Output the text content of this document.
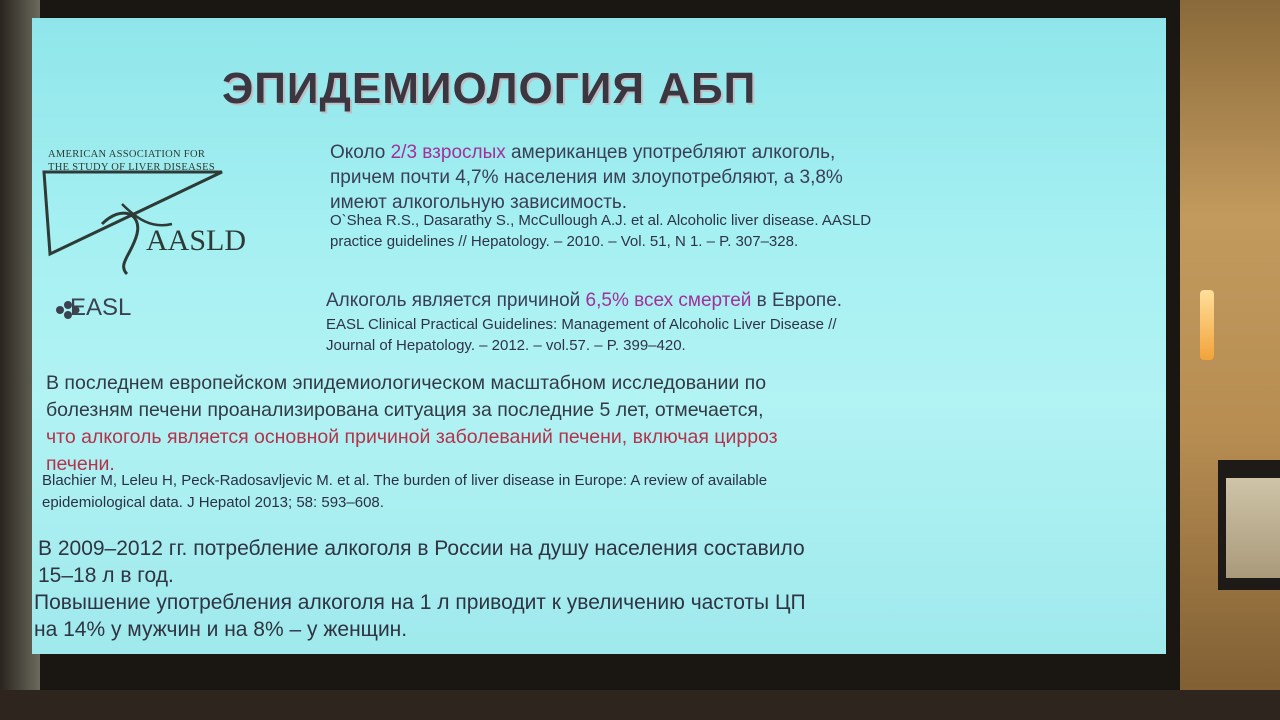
ЭПИДЕМИОЛОГИЯ АБП
AMERICAN ASSOCIATION FOR
THE STUDY OF LIVER DISEASES
AASLD
Около 2/3 взрослых американцев употребляют алкоголь,
причем почти 4,7% населения им злоупотребляют, а 3,8%
имеют алкогольную зависимость.
O`Shea R.S., Dasarathy S., McCullough A.J. et al. Alcoholic liver disease. AASLD
practice guidelines // Hepatology. – 2010. – Vol. 51, N 1. – P. 307–328.
EASL	Алкоголь является причиной 6,5% всех смертей в Европе.
EASL Clinical Practical Guidelines: Management of Alcoholic Liver Disease //
Journal of Hepatology. – 2012. – vol.57. – P. 399–420.
В последнем европейском эпидемиологическом масштабном исследовании по
болезням печени проанализирована ситуация за последние 5 лет, отмечается,
что алкоголь является основной причиной заболеваний печени, включая цирроз
печени.
Blachier M, Leleu H, Peck-Radosavljevic M. et al. The burden of liver disease in Europe: A review of available
epidemiological data. J Hepatol 2013; 58: 593–608.
В 2009–2012 гг. потребление алкоголя в России на душу населения составило
15–18 л в год.
Повышение употребления алкоголя на 1 л приводит к увеличению частоты ЦП
на 14% у мужчин и на 8% – у женщин.
